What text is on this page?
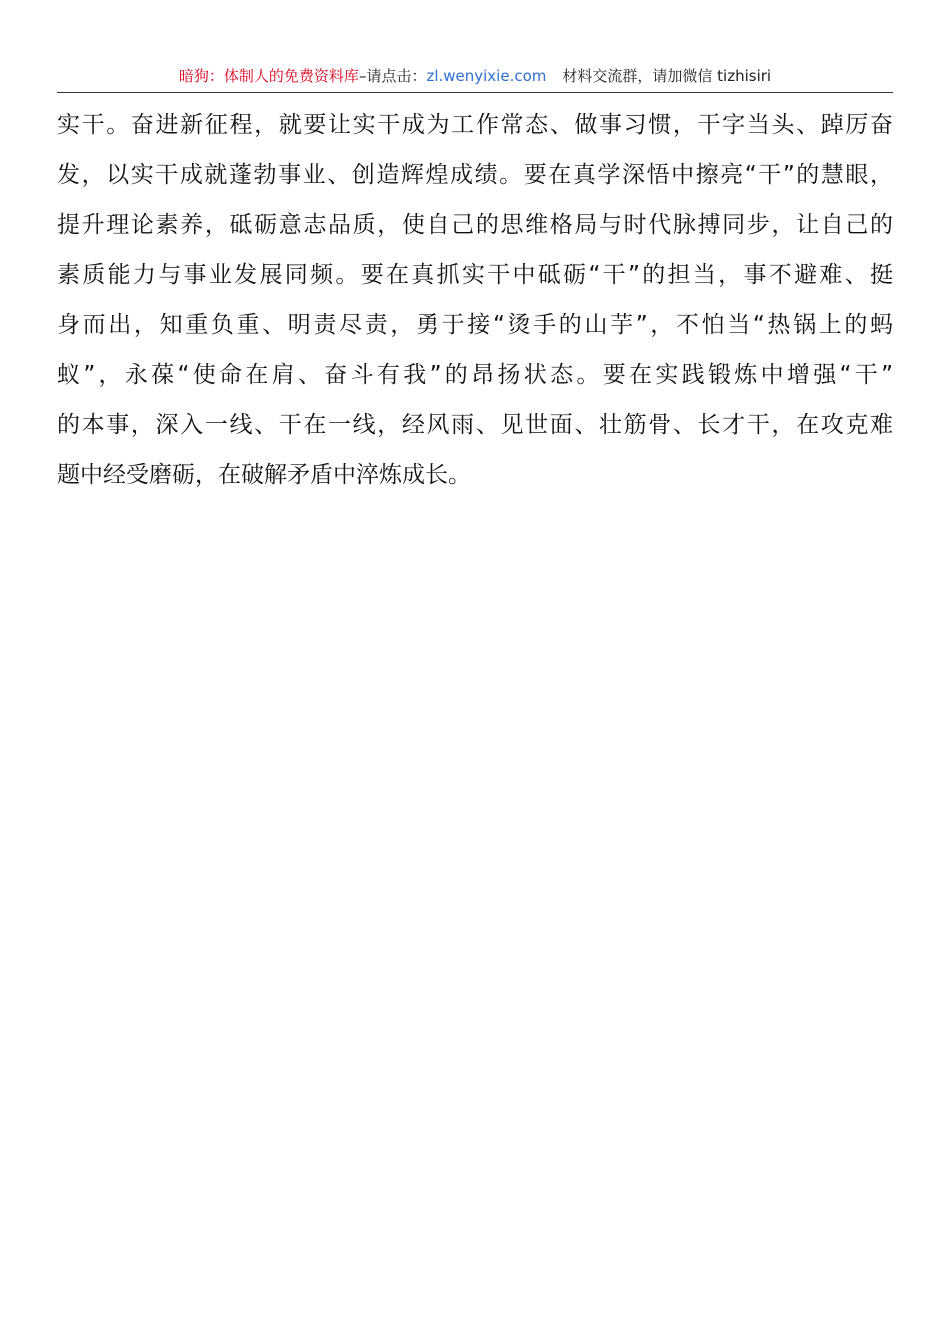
暗狗：体制人的免费资料库–请点击：zl.wenyixie.com 材料交流群，请加微信 tizhisiri
实干。奋进新征程，就要让实干成为工作常态、做事习惯，干字当头、踔厉奋
发，以实干成就蓬勃事业、创造辉煌成绩。要在真学深悟中擦亮“干”的慧眼，
提升理论素养，砥砺意志品质，使自己的思维格局与时代脉搏同步，让自己的
素质能力与事业发展同频。要在真抓实干中砥砺“干”的担当，事不避难、挺
身而出，知重负重、明责尽责，勇于接“烫手的山芋”，不怕当“热锅上的蚂
蚁”，永葆“使命在肩、奋斗有我”的昂扬状态。要在实践锻炼中增强“干”
的本事，深入一线、干在一线，经风雨、见世面、壮筋骨、长才干，在攻克难
题中经受磨砺，在破解矛盾中淬炼成长。
